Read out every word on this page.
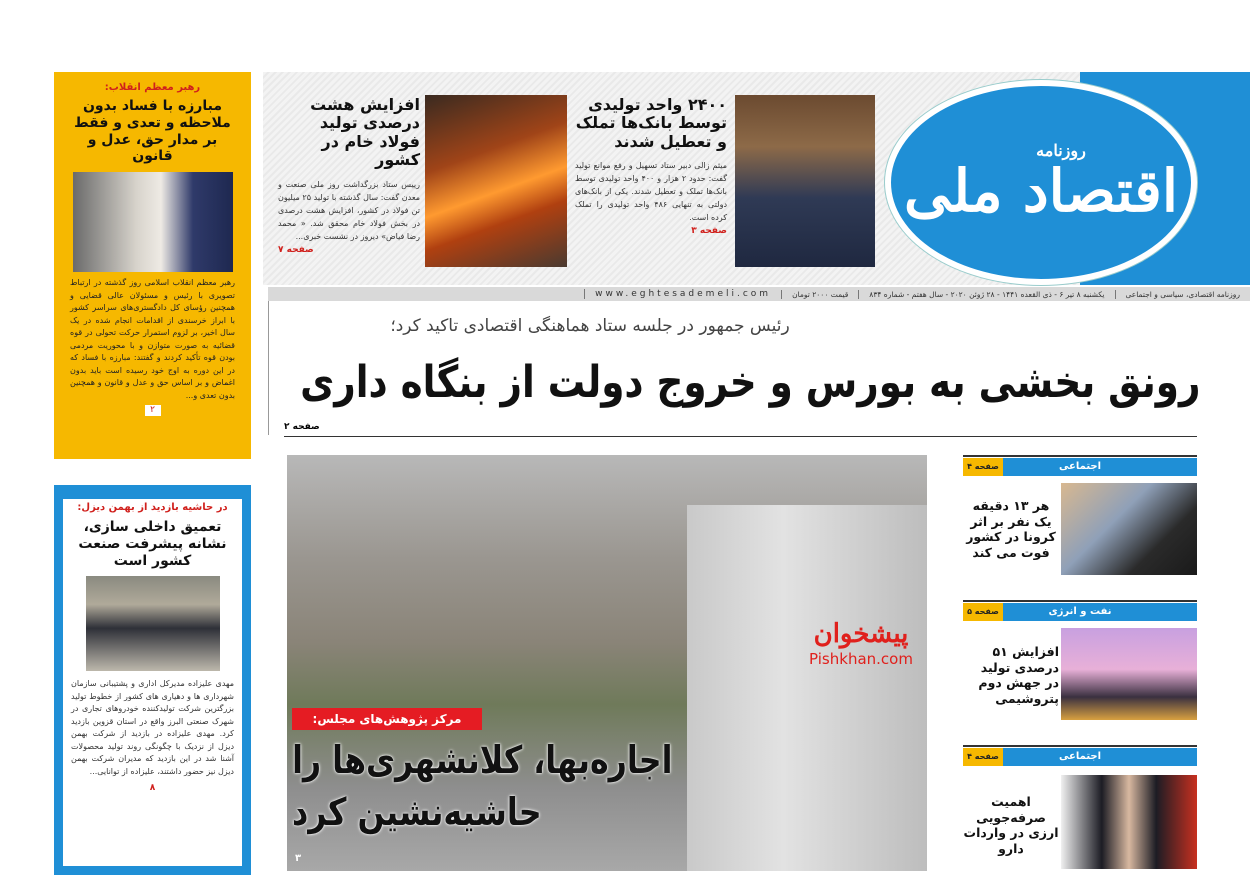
روزنامه
اقتصاد ملی
۲۴۰۰ واحد تولیدی توسط بانک‌ها تملک و تعطیل شدند
میثم زالی دبیر ستاد تسهیل و رفع موانع تولید گفت: حدود ۲ هزار و ۴۰۰ واحد تولیدی توسط بانک‌ها تملک و تعطیل شدند. یکی از بانک‌های دولتی به تنهایی ۴۸۶ واحد تولیدی را تملک کرده است.
صفحه ۳
افزایش هشت درصدی تولید فولاد خام در کشور
رییس ستاد بزرگداشت روز ملی صنعت و معدن گفت: سال گذشته با تولید ۲۵ میلیون تن فولاد در کشور، افزایش هشت درصدی در بخش فولاد خام محقق شد. « محمد رضا فیاض» دیروز در نشست خبری...
صفحه ۷
روزنامه اقتصادی، سیاسی و اجتماعی
یکشنبه ۸ تیر ۶ - ذی القعده ۱۴۴۱ - ۲۸ ژوئن ۲۰۲۰ - سال هفتم - شماره ۸۳۴
قیمت ۲۰۰۰ تومان
www.eghtesademeli.com
رئیس جمهور در جلسه ستاد هماهنگی اقتصادی تاکید کرد؛
رونق بخشی به بورس و خروج دولت از بنگاه داری
صفحه ۲
مرکز پژوهش‌های مجلس:
اجاره‌بها، کلانشهری‌ها را
حاشیه‌نشین کرد
۳
رهبر معظم انقلاب:
مبارزه با فساد بدون ملاحظه و تعدی و فقط بر مدار حق، عدل و قانون
رهبر معظم انقلاب اسلامی روز گذشته در ارتباط تصویری با رئیس و مسئولان عالی قضایی و همچنین رؤسای کل دادگستری‌های سراسر کشور با ابراز خرسندی از اقدامات انجام شده در یک سال اخیر، بر لزوم استمرار حرکت تحولی در قوه قضائیه به صورت متوازن و با محوریت مردمی بودن قوه تأکید کردند و گفتند: مبارزه با فساد که در این دوره به اوج خود رسیده است باید بدون اغماض و بر اساس حق و عدل و قانون و همچنین بدون تعدی و...
۲
در حاشیه بازدید از بهمن دیزل:
تعمیق داخلی سازی، نشانه پیشرفت صنعت کشور است
مهدی علیزاده مدیرکل اداری و پشتیبانی سازمان شهرداری ها و دهیاری های کشور از خطوط تولید بزرگترین شرکت تولیدکننده خودروهای تجاری در شهرک صنعتی البرز واقع در استان قزوین بازدید کرد. مهدی علیزاده در بازدید از شرکت بهمن دیزل از نزدیک با چگونگی روند تولید محصولات آشنا شد در این بازدید که مدیران شرکت بهمن دیزل نیز حضور داشتند، علیزاده از توانایی...
۸
اجتماعی
صفحه ۴
هر ۱۳ دقیقه یک نفر بر اثر کرونا در کشور فوت می کند
نفت و انرژی
صفحه ۵
افزایش ۵۱ درصدی تولید در جهش دوم پتروشیمی
اجتماعی
صفحه ۴
اهمیت صرفه‌جویی ارزی در واردات دارو
پیشخوان
Pishkhan.com
